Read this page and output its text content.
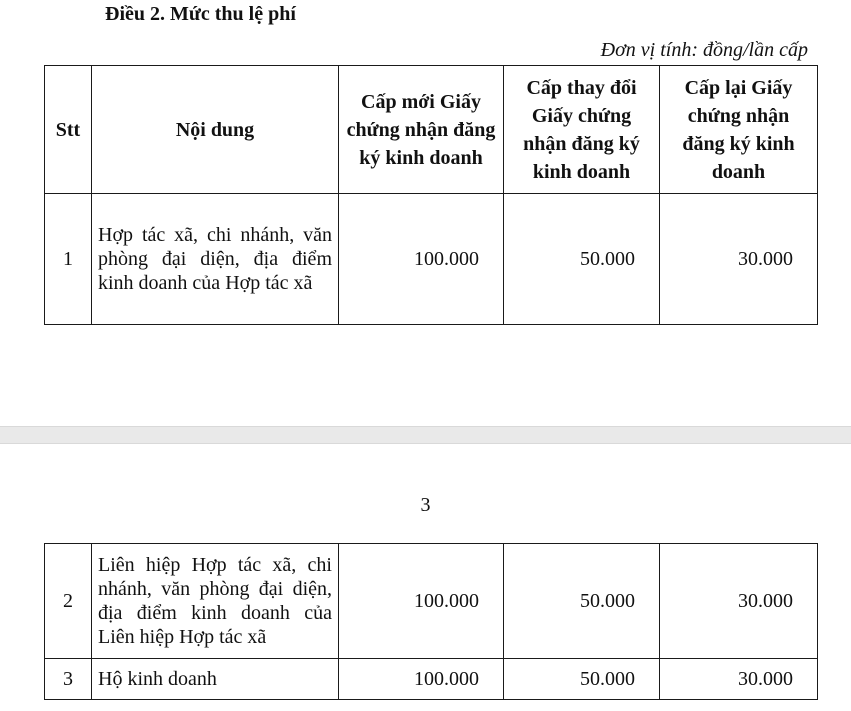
Điều 2. Mức thu lệ phí
Đơn vị tính: đồng/lần cấp
Stt	Nội dung	Cấp mới Giấy chứng nhận đăng ký kinh doanh	Cấp thay đổi Giấy chứng nhận đăng ký kinh doanh	Cấp lại Giấy chứng nhận đăng ký kinh doanh
1	Hợp tác xã, chi nhánh, văn phòng đại diện, địa điểm kinh doanh của Hợp tác xã	100.000	50.000	30.000
3
2	Liên hiệp Hợp tác xã, chi nhánh, văn phòng đại diện, địa điểm kinh doanh của Liên hiệp Hợp tác xã	100.000	50.000	30.000
3	Hộ kinh doanh	100.000	50.000	30.000
